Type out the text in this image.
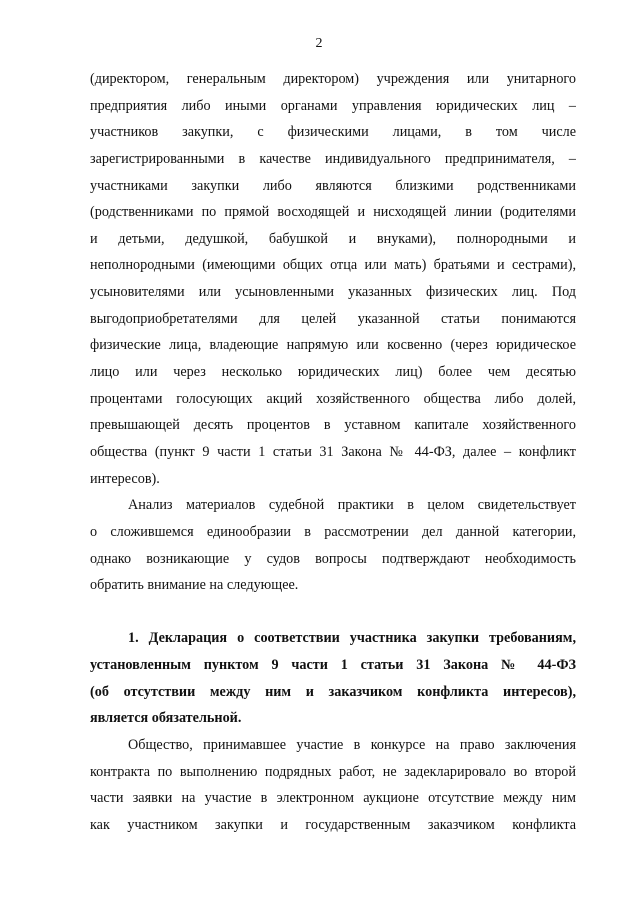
2
(директором, генеральным директором) учреждения или унитарного
предприятия либо иными органами управления юридических лиц –
участников закупки, с физическими лицами, в том числе
зарегистрированными в качестве индивидуального предпринимателя, –
участниками закупки либо являются близкими родственниками
(родственниками по прямой восходящей и нисходящей линии (родителями
и детьми, дедушкой, бабушкой и внуками), полнородными и
неполнородными (имеющими общих отца или мать) братьями и сестрами),
усыновителями или усыновленными указанных физических лиц. Под
выгодоприобретателями для целей указанной статьи понимаются
физические лица, владеющие напрямую или косвенно (через юридическое
лицо или через несколько юридических лиц) более чем десятью
процентами голосующих акций хозяйственного общества либо долей,
превышающей десять процентов в уставном капитале хозяйственного
общества (пункт 9 части 1 статьи 31 Закона № 44-ФЗ, далее – конфликт
интересов).
Анализ материалов судебной практики в целом свидетельствует
о сложившемся единообразии в рассмотрении дел данной категории,
однако возникающие у судов вопросы подтверждают необходимость
обратить внимание на следующее.
1. Декларация о соответствии участника закупки требованиям,
установленным пунктом 9 части 1 статьи 31 Закона № 44-ФЗ
(об отсутствии между ним и заказчиком конфликта интересов),
является обязательной.
Общество, принимавшее участие в конкурсе на право заключения
контракта по выполнению подрядных работ, не задекларировало во второй
части заявки на участие в электронном аукционе отсутствие между ним
как участником закупки и государственным заказчиком конфликта
